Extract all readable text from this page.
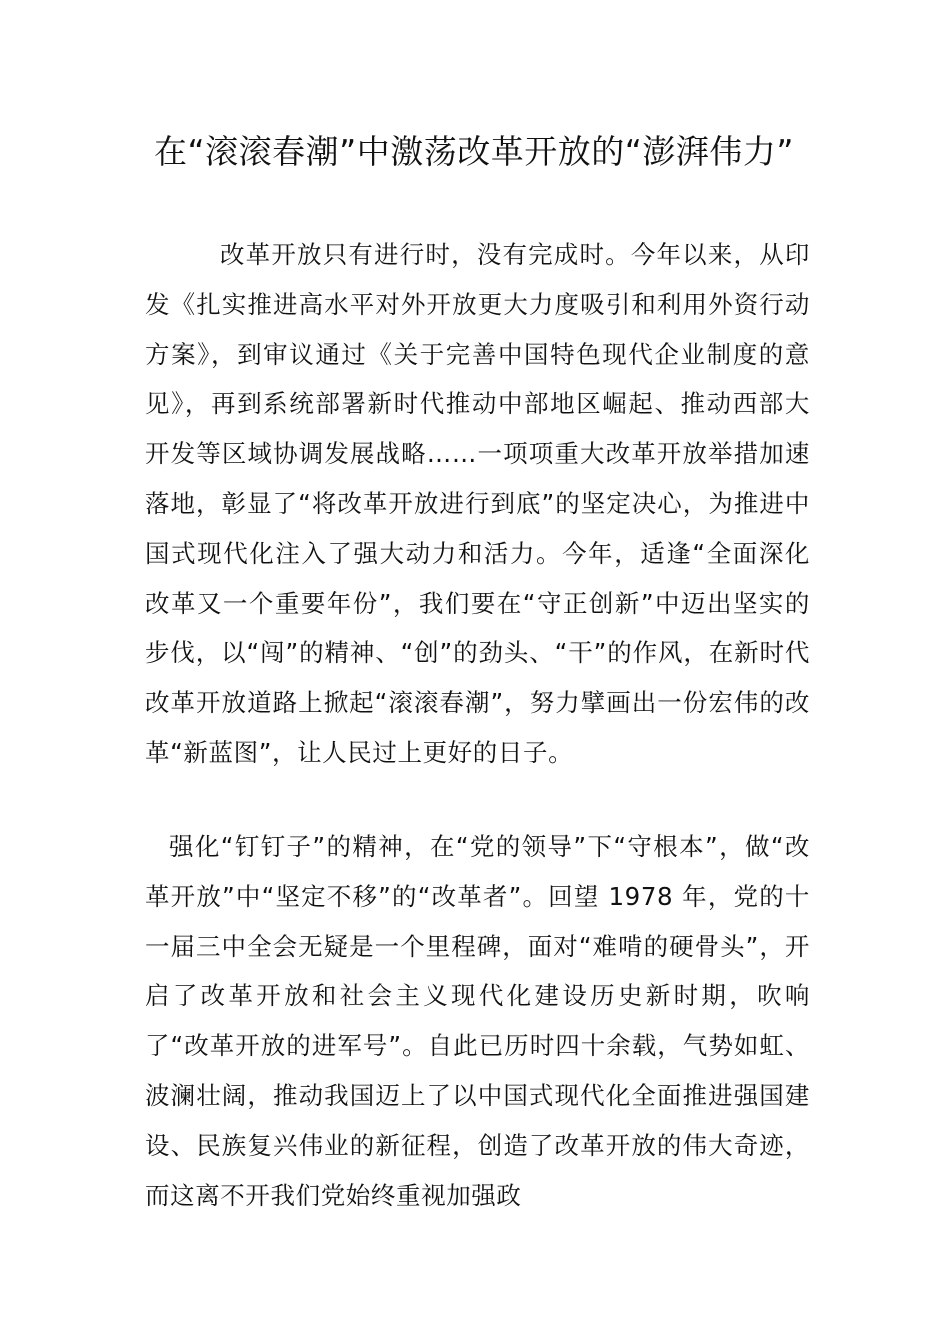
在“滚滚春潮”中激荡改革开放的“澎湃伟力”

改革开放只有进行时，没有完成时。今年以来，从印发《扎实推进高水平对外开放更大力度吸引和利用外资行动方案》，到审议通过《关于完善中国特色现代企业制度的意见》，再到系统部署新时代推动中部地区崛起、推动西部大开发等区域协调发展战略……一项项重大改革开放举措加速落地，彰显了“将改革开放进行到底”的坚定决心，为推进中国式现代化注入了强大动力和活力。今年，适逢“全面深化改革又一个重要年份”，我们要在“守正创新”中迈出坚实的步伐，以“闯”的精神、“创”的劲头、“干”的作风，在新时代改革开放道路上掀起“滚滚春潮”，努力擘画出一份宏伟的改革“新蓝图”，让人民过上更好的日子。

强化“钉钉子”的精神，在“党的领导”下“守根本”，做“改革开放”中“坚定不移”的“改革者”。回望 1978 年，党的十一届三中全会无疑是一个里程碑，面对“难啃的硬骨头”，开启了改革开放和社会主义现代化建设历史新时期，吹响了“改革开放的进军号”。自此已历时四十余载，气势如虹、波澜壮阔，推动我国迈上了以中国式现代化全面推进强国建设、民族复兴伟业的新征程，创造了改革开放的伟大奇迹，而这离不开我们党始终重视加强政
